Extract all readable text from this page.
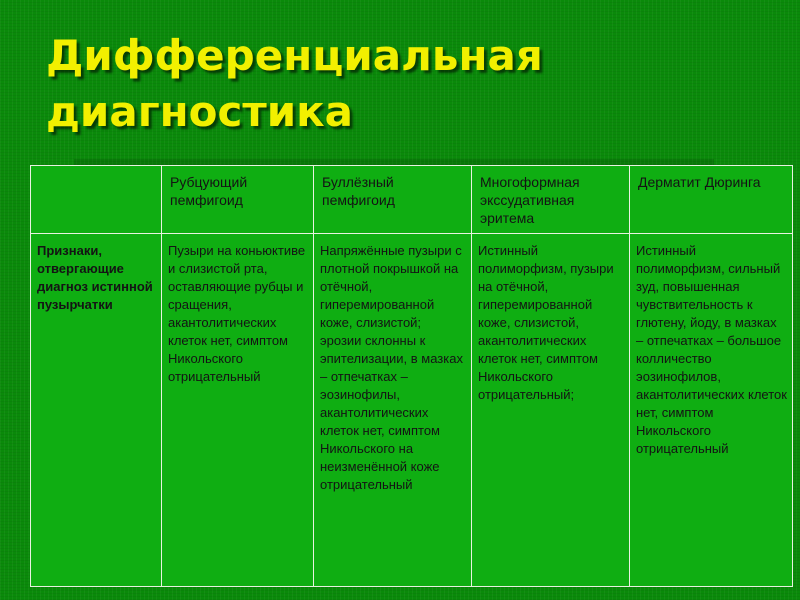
Дифференциальная диагностика
	Рубцующий пемфигоид	Буллёзный пемфигоид	Многоформная экссудативная эритема	Дерматит Дюринга
Признаки, отвергающие диагноз истинной пузырчатки	Пузыри на коньюктиве и слизистой рта, оставляющие рубцы и сращения, акантолитических клеток нет, симптом Никольского отрицательный	Напряжённые пузыри с плотной покрышкой на отёчной, гиперемированной коже, слизистой; эрозии склонны к эпителизации, в мазках – отпечатках – эозинофилы, акантолитических клеток нет, симптом Никольского на неизменённой коже отрицательный	Истинный полиморфизм, пузыри на отёчной, гиперемированной коже, слизистой, акантолитических клеток нет, симптом Никольского отрицательный;	Истинный полиморфизм, сильный зуд, повышенная чувствительность к глютену, йоду, в мазках – отпечатках – большое колличество эозинофилов, акантолитических клеток нет, симптом Никольского отрицательный
